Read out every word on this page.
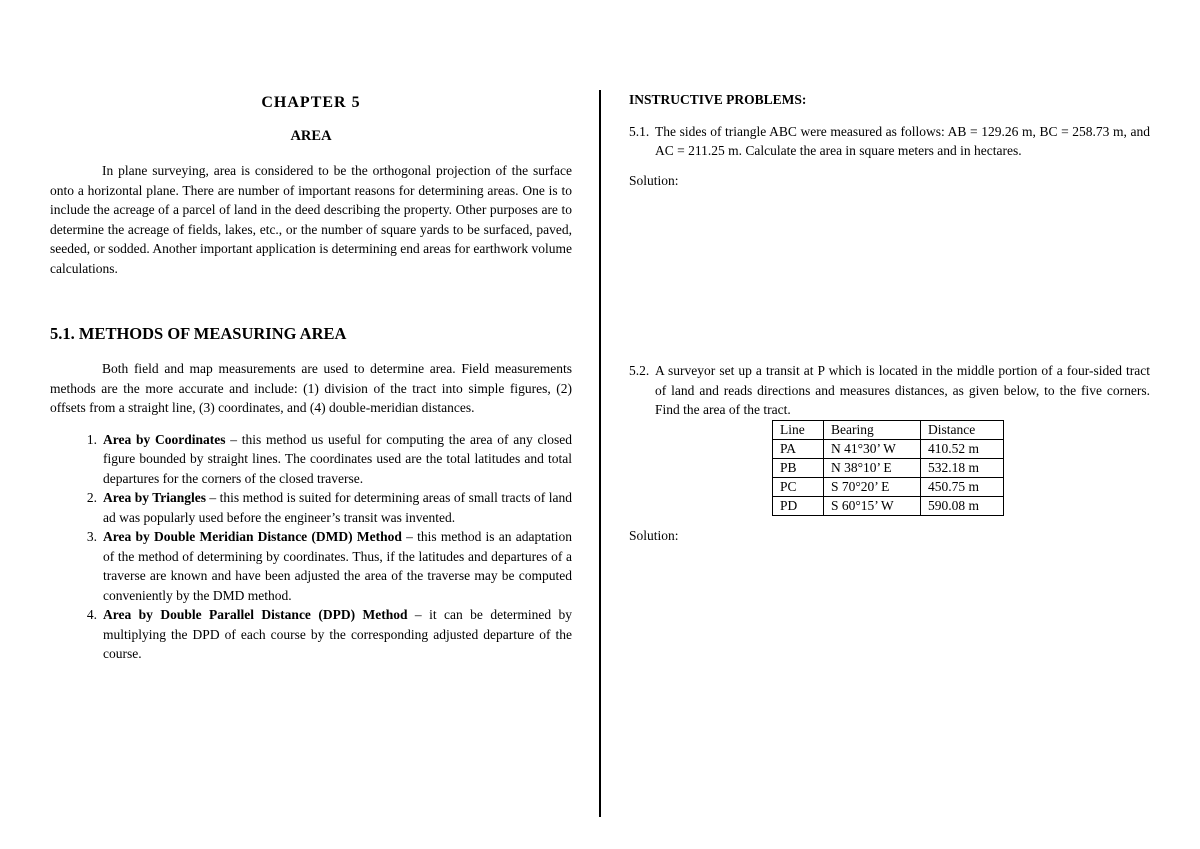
CHAPTER 5
AREA

In plane surveying, area is considered to be the orthogonal projection of the surface onto a horizontal plane. There are number of important reasons for determining areas. One is to include the acreage of a parcel of land in the deed describing the property. Other purposes are to determine the acreage of fields, lakes, etc., or the number of square yards to be surfaced, paved, seeded, or sodded. Another important application is determining end areas for earthwork volume calculations.

5.1. METHODS OF MEASURING AREA

Both field and map measurements are used to determine area. Field measurements methods are the more accurate and include: (1) division of the tract into simple figures, (2) offsets from a straight line, (3) coordinates, and (4) double-meridian distances.

1. Area by Coordinates – this method us useful for computing the area of any closed figure bounded by straight lines. The coordinates used are the total latitudes and total departures for the corners of the closed traverse.
2. Area by Triangles – this method is suited for determining areas of small tracts of land ad was popularly used before the engineer’s transit was invented.
3. Area by Double Meridian Distance (DMD) Method – this method is an adaptation of the method of determining by coordinates. Thus, if the latitudes and departures of a traverse are known and have been adjusted the area of the traverse may be computed conveniently by the DMD method.
4. Area by Double Parallel Distance (DPD) Method – it can be determined by multiplying the DPD of each course by the corresponding adjusted departure of the course.

INSTRUCTIVE PROBLEMS:

5.1. The sides of triangle ABC were measured as follows: AB = 129.26 m, BC = 258.73 m, and AC = 211.25 m. Calculate the area in square meters and in hectares.

Solution:

5.2. A surveyor set up a transit at P which is located in the middle portion of a four-sided tract of land and reads directions and measures distances, as given below, to the five corners. Find the area of the tract.
Line	Bearing	Distance
PA	N 41°30’ W	410.52 m
PB	N 38°10’ E	532.18 m
PC	S 70°20’ E	450.75 m
PD	S 60°15’ W	590.08 m

Solution:
